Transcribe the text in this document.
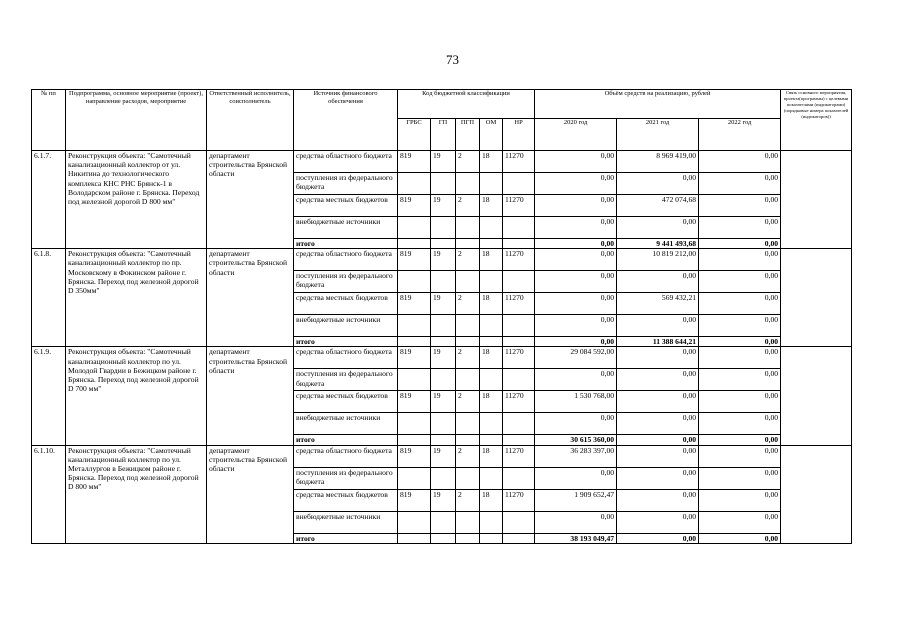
73
№ пп	Подпрограмма, основное мероприятие (проект), направление расходов, мероприятие	Ответственный исполнитель, соисполнитель	Источник финансового обеспечения	Код бюджетной классификации					Объём средств на реализацию, рублей			Связь основного мероприятия, проекта(программы) с целевыми показателями (индикаторами) (порядковые номера показателей (индикаторов))
				ГРБС	ГП	ПГП	ОМ	НР	2020 год	2021 год	2022 год	
6.1.7.	Реконструкция объекта: "Самотечный канализационный коллектор от ул. Никитина до технологического комплекса КНС РНС Брянск-1 в Володарском районе г. Брянска. Переход под железной дорогой D 800 мм"	департамент строительства Брянской области	средства областного бюджета	819	19	2	18	11270	0,00	8 969 419,00	0,00	
			поступления из федерального бюджета						0,00	0,00	0,00	
			средства местных бюджетов	819	19	2	18	11270	0,00	472 074,68	0,00	
			внебюджетные источники						0,00	0,00	0,00	
			итого						0,00	9 441 493,68	0,00	
6.1.8.	Реконструкция объекта: "Самотечный канализационный коллектор по пр. Московскому в Фокинском районе г. Брянска. Переход под железной дорогой D 350мм"	департамент строительства Брянской области	средства областного бюджета	819	19	2	18	11270	0,00	10 819 212,00	0,00	
			поступления из федерального бюджета						0,00	0,00	0,00	
			средства местных бюджетов	819	19	2	18	11270	0,00	569 432,21	0,00	
			внебюджетные источники						0,00	0,00	0,00	
			итого						0,00	11 388 644,21	0,00	
6.1.9.	Реконструкция объекта: "Самотечный канализационный коллектор по ул. Молодой Гвардии в Бежицком районе г. Брянска. Переход под железной дорогой D 700 мм"	департамент строительства Брянской области	средства областного бюджета	819	19	2	18	11270	29 084 592,00	0,00	0,00	
			поступления из федерального бюджета						0,00	0,00	0,00	
			средства местных бюджетов	819	19	2	18	11270	1 530 768,00	0,00	0,00	
			внебюджетные источники						0,00	0,00	0,00	
			итого						30 615 360,00	0,00	0,00	
6.1.10.	Реконструкция объекта: "Самотечный канализационный коллектор по ул. Металлургов в Бежицком районе г. Брянска. Переход под железной дорогой D 800 мм"	департамент строительства Брянской области	средства областного бюджета	819	19	2	18	11270	36 283 397,00	0,00	0,00	
			поступления из федерального бюджета						0,00	0,00	0,00	
			средства местных бюджетов	819	19	2	18	11270	1 909 652,47	0,00	0,00	
			внебюджетные источники						0,00	0,00	0,00	
			итого						38 193 049,47	0,00	0,00	
